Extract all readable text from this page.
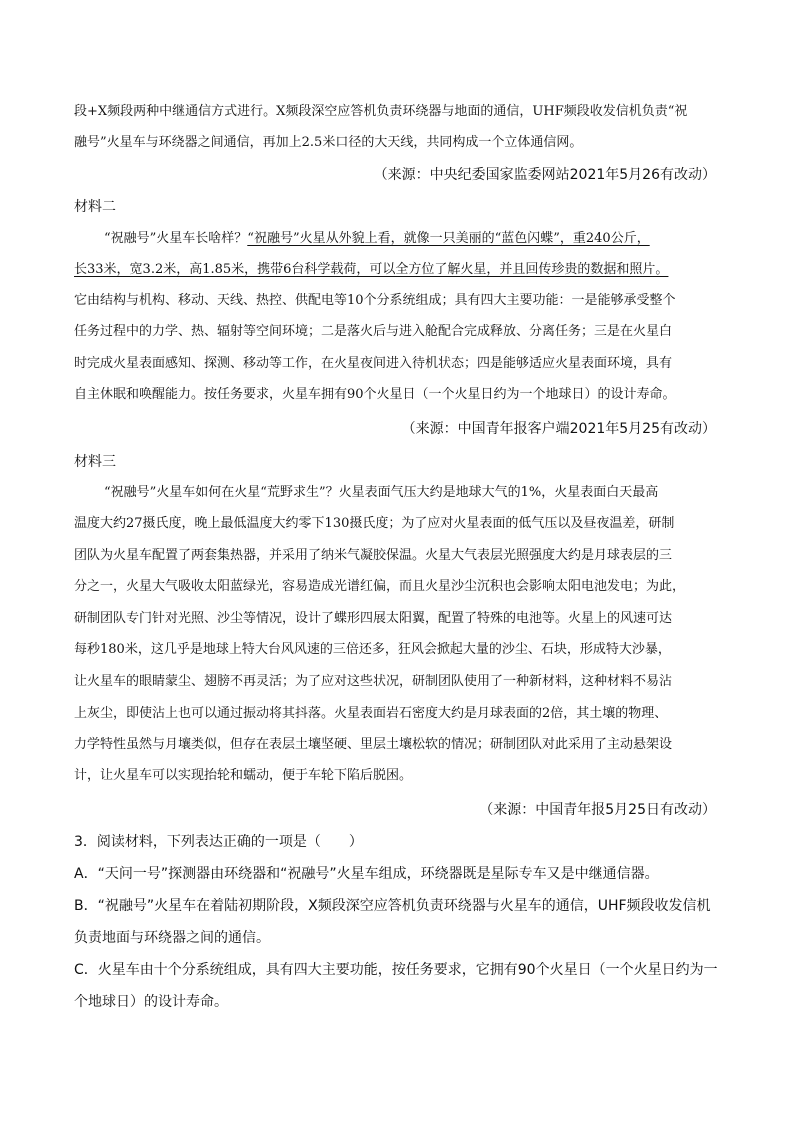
段+X频段两种中继通信方式进行。X频段深空应答机负责环绕器与地面的通信，UHF频段收发信机负责“祝
融号”火星车与环绕器之间通信，再加上2.5米口径的大天线，共同构成一个立体通信网。
（来源：中央纪委国家监委网站2021年5月26有改动）
材料二
“祝融号”火星车长啥样？“祝融号”火星从外貌上看，就像一只美丽的“蓝色闪蝶”，重240公斤，
长33米，宽3.2米，高1.85米，携带6台科学载荷，可以全方位了解火星，并且回传珍贵的数据和照片。
它由结构与机构、移动、天线、热控、供配电等10个分系统组成；具有四大主要功能：一是能够承受整个
任务过程中的力学、热、辐射等空间环境；二是落火后与进入舱配合完成释放、分离任务；三是在火星白
时完成火星表面感知、探测、移动等工作，在火星夜间进入待机状态；四是能够适应火星表面环境，具有
自主休眠和唤醒能力。按任务要求，火星车拥有90个火星日（一个火星日约为一个地球日）的设计寿命。
（来源：中国青年报客户端2021年5月25有改动）
材料三
“祝融号”火星车如何在火星“荒野求生”？火星表面气压大约是地球大气的1%，火星表面白天最高
温度大约27摄氏度，晚上最低温度大约零下130摄氏度；为了应对火星表面的低气压以及昼夜温差，研制
团队为火星车配置了两套集热器，并采用了纳米气凝胶保温。火星大气表层光照强度大约是月球表层的三
分之一，火星大气吸收太阳蓝绿光，容易造成光谱红偏，而且火星沙尘沉积也会影响太阳电池发电；为此，
研制团队专门针对光照、沙尘等情况，设计了蝶形四展太阳翼，配置了特殊的电池等。火星上的风速可达
每秒180米，这几乎是地球上特大台风风速的三倍还多，狂风会掀起大量的沙尘、石块，形成特大沙暴，
让火星车的眼睛蒙尘、翅膀不再灵活；为了应对这些状况，研制团队使用了一种新材料，这种材料不易沾
上灰尘，即使沾上也可以通过振动将其抖落。火星表面岩石密度大约是月球表面的2倍，其土壤的物理、
力学特性虽然与月壤类似，但存在表层土壤坚硬、里层土壤松软的情况；研制团队对此采用了主动悬架设
计，让火星车可以实现抬轮和蠕动，便于车轮下陷后脱困。
（来源：中国青年报5月25日有改动）
3．阅读材料，下列表达正确的一项是（　　）
A．“天问一号”探测器由环绕器和“祝融号”火星车组成，环绕器既是星际专车又是中继通信器。
B．“祝融号”火星车在着陆初期阶段，X频段深空应答机负责环绕器与火星车的通信，UHF频段收发信机
负责地面与环绕器之间的通信。
C．火星车由十个分系统组成，具有四大主要功能，按任务要求，它拥有90个火星日（一个火星日约为一
个地球日）的设计寿命。
